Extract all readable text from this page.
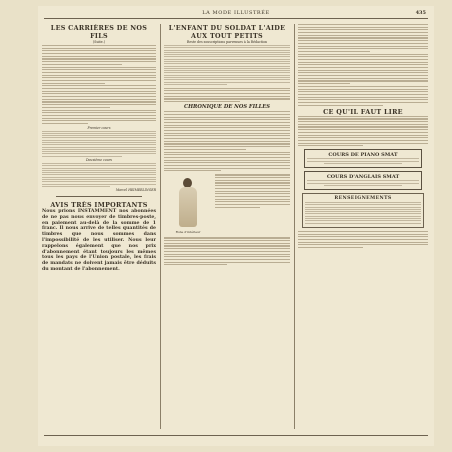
LA MODE ILLUSTRÉE	435
LES CARRIÈRES DE NOS FILS
(Suite.)
Premier cours
Deuxième cours
Marcel HEIMERLINGER
AVIS TRÈS IMPORTANTS

Nous prions INSTAMMENT nos abonnées de ne pas nous envoyer de timbres-poste, en paiement au-delà de la somme de 1 franc. Il nous arrive de telles quantités de timbres que nous sommes dans l'impossibilité de les utiliser. Nous leur rappelons également que nos prix d'abonnement étant toujours les mêmes tous les pays de l'Union postale, les frais de mandats ne doivent jamais être déduits du montant de l'abonnement.

L'ENFANT DU SOLDAT L'AIDE AUX TOUT PETITS
Reste des souscriptions parvenues à la Rédaction
CHRONIQUE DE NOS FILLES
Robe d'intérieur
CE QU'IL FAUT LIRE
COURS DE PIANO SMAT
COURS D'ANGLAIS SMAT
RENSEIGNEMENTS
